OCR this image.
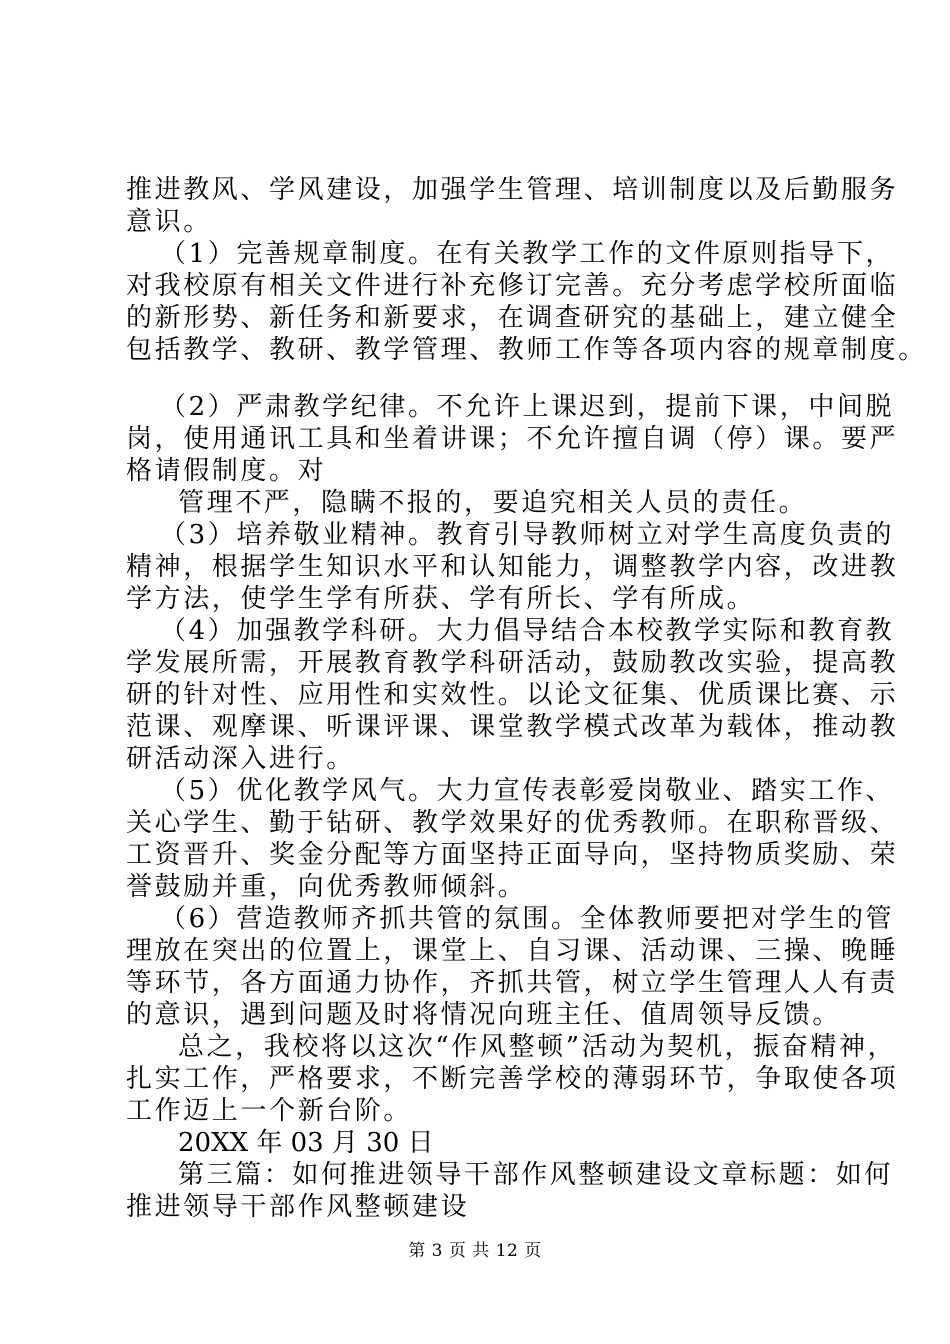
推进教风、学风建设，加强学生管理、培训制度以及后勤服务
意识。
（1）完善规章制度。在有关教学工作的文件原则指导下，
对我校原有相关文件进行补充修订完善。充分考虑学校所面临
的新形势、新任务和新要求，在调查研究的基础上，建立健全
包括教学、教研、教学管理、教师工作等各项内容的规章制度。
（2）严肃教学纪律。不允许上课迟到，提前下课，中间脱
岗，使用通讯工具和坐着讲课；不允许擅自调（停）课。要严
格请假制度。对
管理不严，隐瞒不报的，要追究相关人员的责任。
（3）培养敬业精神。教育引导教师树立对学生高度负责的
精神，根据学生知识水平和认知能力，调整教学内容，改进教
学方法，使学生学有所获、学有所长、学有所成。
（4）加强教学科研。大力倡导结合本校教学实际和教育教
学发展所需，开展教育教学科研活动，鼓励教改实验，提高教
研的针对性、应用性和实效性。以论文征集、优质课比赛、示
范课、观摩课、听课评课、课堂教学模式改革为载体，推动教
研活动深入进行。
（5）优化教学风气。大力宣传表彰爱岗敬业、踏实工作、
关心学生、勤于钻研、教学效果好的优秀教师。在职称晋级、
工资晋升、奖金分配等方面坚持正面导向，坚持物质奖励、荣
誉鼓励并重，向优秀教师倾斜。
（6）营造教师齐抓共管的氛围。全体教师要把对学生的管
理放在突出的位置上，课堂上、自习课、活动课、三操、晚睡
等环节，各方面通力协作，齐抓共管，树立学生管理人人有责
的意识，遇到问题及时将情况向班主任、值周领导反馈。
总之，我校将以这次“作风整顿”活动为契机，振奋精神，
扎实工作，严格要求，不断完善学校的薄弱环节，争取使各项
工作迈上一个新台阶。
20XX 年 03 月 30 日
第三篇：如何推进领导干部作风整顿建设文章标题：如何
推进领导干部作风整顿建设
第 3 页 共 12 页
